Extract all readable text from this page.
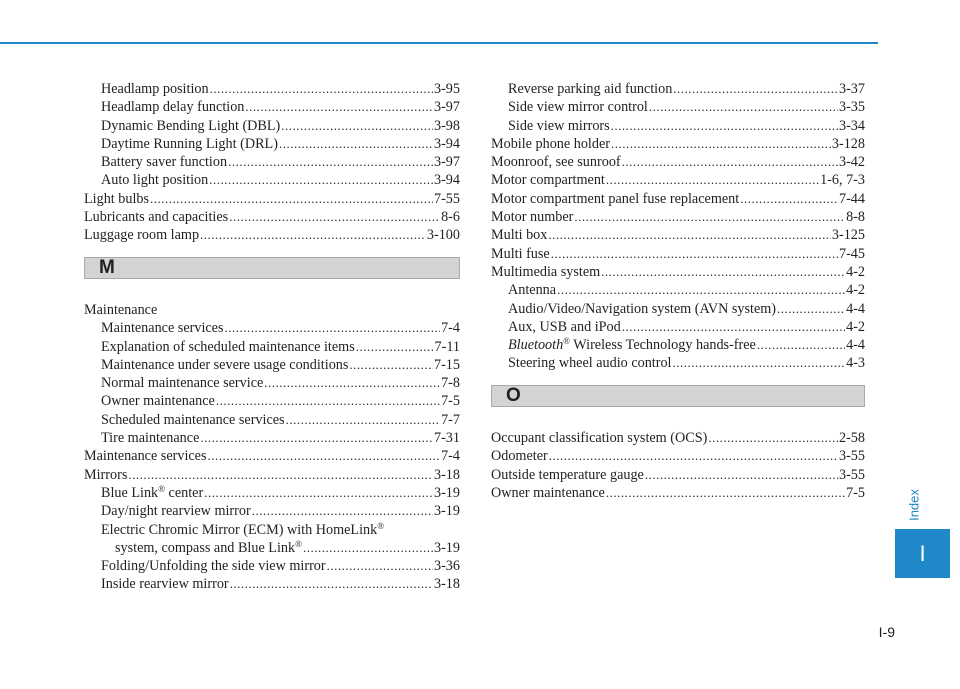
Headlamp position .....	3-95
Headlamp delay function .....	3-97
Dynamic Bending Light (DBL) .....	3-98
Daytime Running Light (DRL) .....	3-94
Battery saver function .....	3-97
Auto light position .....	3-94
Light bulbs .....	7-55
Lubricants and capacities .....	8-6
Luggage room lamp .....	3-100
M
Maintenance
Maintenance services .....	7-4
Explanation of scheduled maintenance items .....	7-11
Maintenance under severe usage conditions .....	7-15
Normal maintenance service .....	7-8
Owner maintenance .....	7-5
Scheduled maintenance services .....	7-7
Tire maintenance .....	7-31
Maintenance services .....	7-4
Mirrors .....	3-18
Blue Link® center .....	3-19
Day/night rearview mirror .....	3-19
Electric Chromic Mirror (ECM) with HomeLink®
system, compass and Blue Link® .....	3-19
Folding/Unfolding the side view mirror .....	3-36
Inside rearview mirror .....	3-18
Reverse parking aid function .....	3-37
Side view mirror control .....	3-35
Side view mirrors .....	3-34
Mobile phone holder .....	3-128
Moonroof, see sunroof .....	3-42
Motor compartment .....	1-6, 7-3
Motor compartment panel fuse replacement .....	7-44
Motor number .....	8-8
Multi box .....	3-125
Multi fuse .....	7-45
Multimedia system .....	4-2
Antenna .....	4-2
Audio/Video/Navigation system (AVN system) .....	4-4
Aux, USB and iPod .....	4-2
Bluetooth® Wireless Technology hands-free .....	4-4
Steering wheel audio control .....	4-3
O
Occupant classification system (OCS) .....	2-58
Odometer .....	3-55
Outside temperature gauge .....	3-55
Owner maintenance .....	7-5	Index
I
I-9
